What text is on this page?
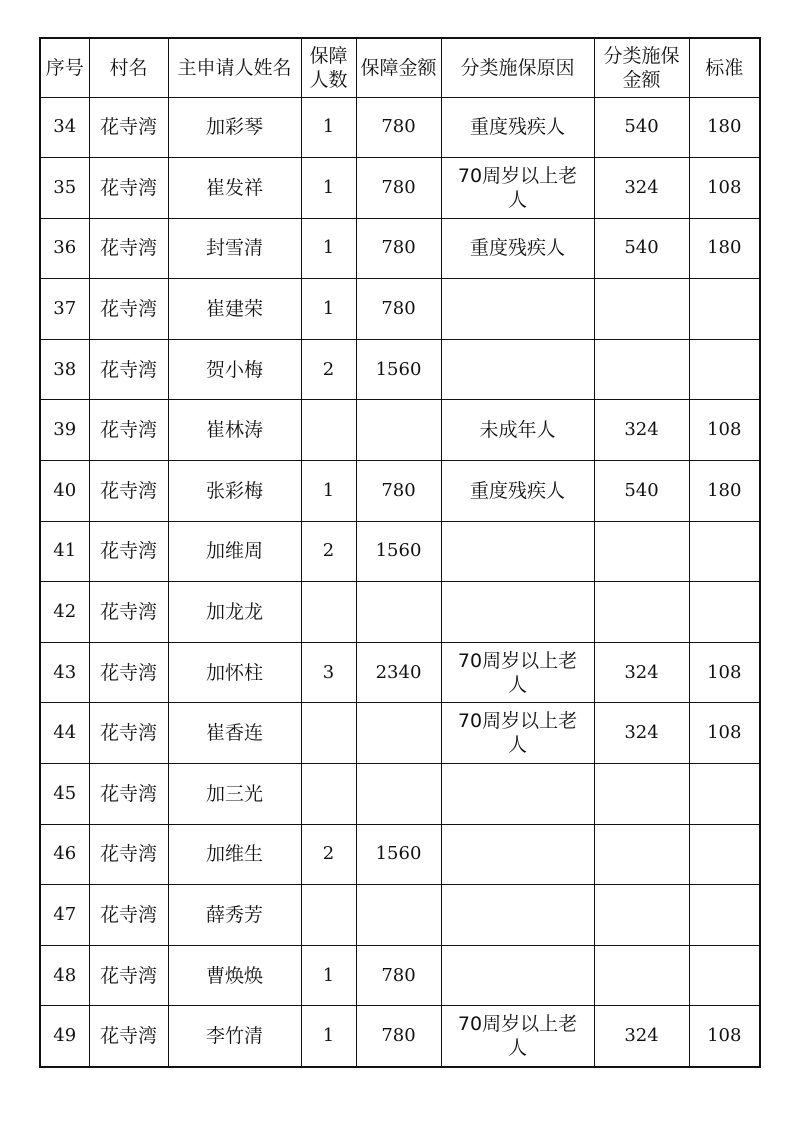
序号	村名	主申请人姓名	保障人数	保障金额	分类施保原因	分类施保金额	标准
34	花寺湾	加彩琴	1	780	重度残疾人	540	180
35	花寺湾	崔发祥	1	780	70周岁以上老人	324	108
36	花寺湾	封雪清	1	780	重度残疾人	540	180
37	花寺湾	崔建荣	1	780			
38	花寺湾	贺小梅	2	1560			
39	花寺湾	崔林涛			未成年人	324	108
40	花寺湾	张彩梅	1	780	重度残疾人	540	180
41	花寺湾	加维周	2	1560			
42	花寺湾	加龙龙					
43	花寺湾	加怀柱	3	2340	70周岁以上老人	324	108
44	花寺湾	崔香连			70周岁以上老人	324	108
45	花寺湾	加三光					
46	花寺湾	加维生	2	1560			
47	花寺湾	薛秀芳					
48	花寺湾	曹焕焕	1	780			
49	花寺湾	李竹清	1	780	70周岁以上老人	324	108
